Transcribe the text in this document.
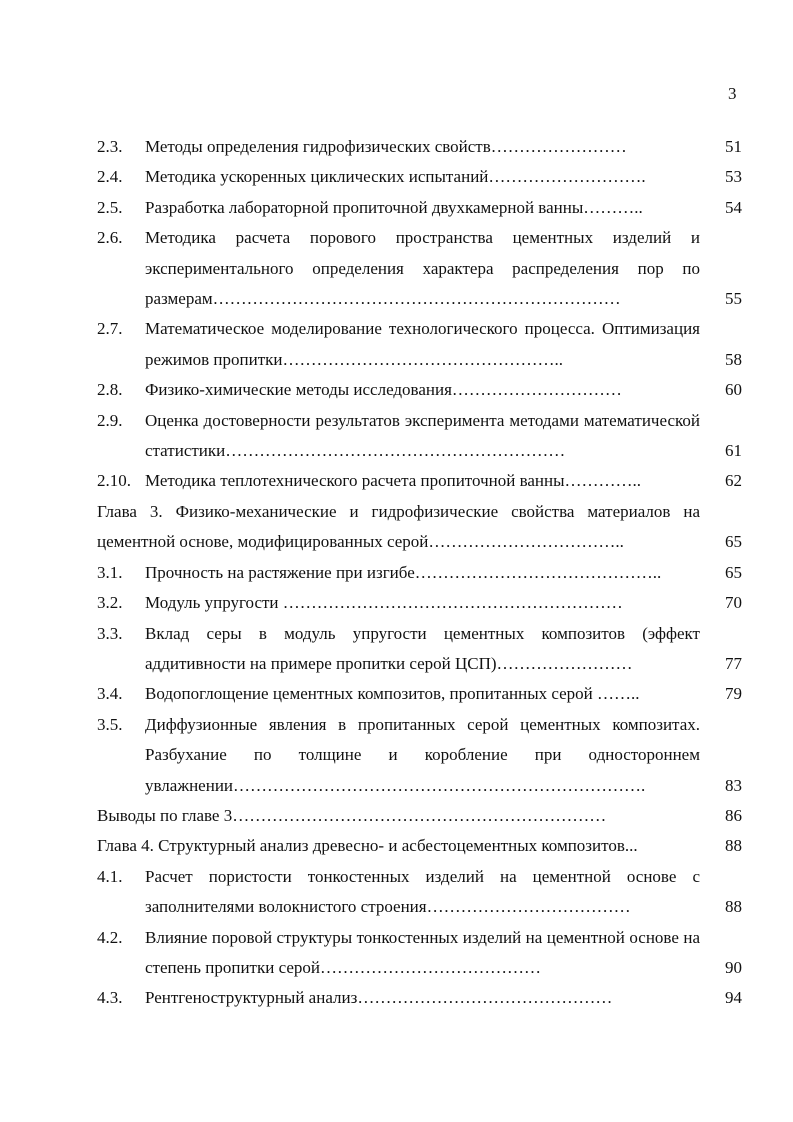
3
2.3.	Методы определения гидрофизических свойств……………………	51
2.4.	Методика ускоренных циклических испытаний……………………….	53
2.5.	Разработка лабораторной пропиточной двухкамерной ванны………..	54
2.6.	Методика расчета порового пространства цементных изделий и экспериментального определения характера распределения пор по размерам………………………………………………………………	55
2.7.	Математическое моделирование технологического процесса. Оптимизация режимов пропитки…………………………………………..	58
2.8.	Физико-химические методы исследования…………………………	60
2.9.	Оценка достоверности результатов эксперимента методами математической статистики……………………………………………………	61
2.10. Методика теплотехнического расчета пропиточной ванны…………..	62
Глава 3. Физико-механические и гидрофизические свойства материалов на цементной основе, модифицированных серой……………………………..	65
3.1.	Прочность на растяжение при изгибе……………………………………..	65
3.2.	Модуль упругости ……………………………………………………	70
3.3.	Вклад серы в модуль упругости цементных композитов (эффект аддитивности на примере пропитки серой ЦСП)……………………	77
3.4.	Водопоглощение цементных композитов, пропитанных серой ……..	79
3.5.	Диффузионные явления в пропитанных серой цементных композитах. Разбухание по толщине и коробление при одностороннем увлажнении……………………………………………………………….	83
Выводы по главе 3…………………………………………………………	86
Глава 4. Структурный анализ древесно- и асбестоцементных композитов...	88
4.1.	Расчет пористости тонкостенных изделий на цементной основе с заполнителями волокнистого строения………………………………	88
4.2.	Влияние поровой структуры тонкостенных изделий на цементной основе на степень пропитки серой…………………………………	90
4.3.	Рентгеноструктурный анализ………………………………………	94
